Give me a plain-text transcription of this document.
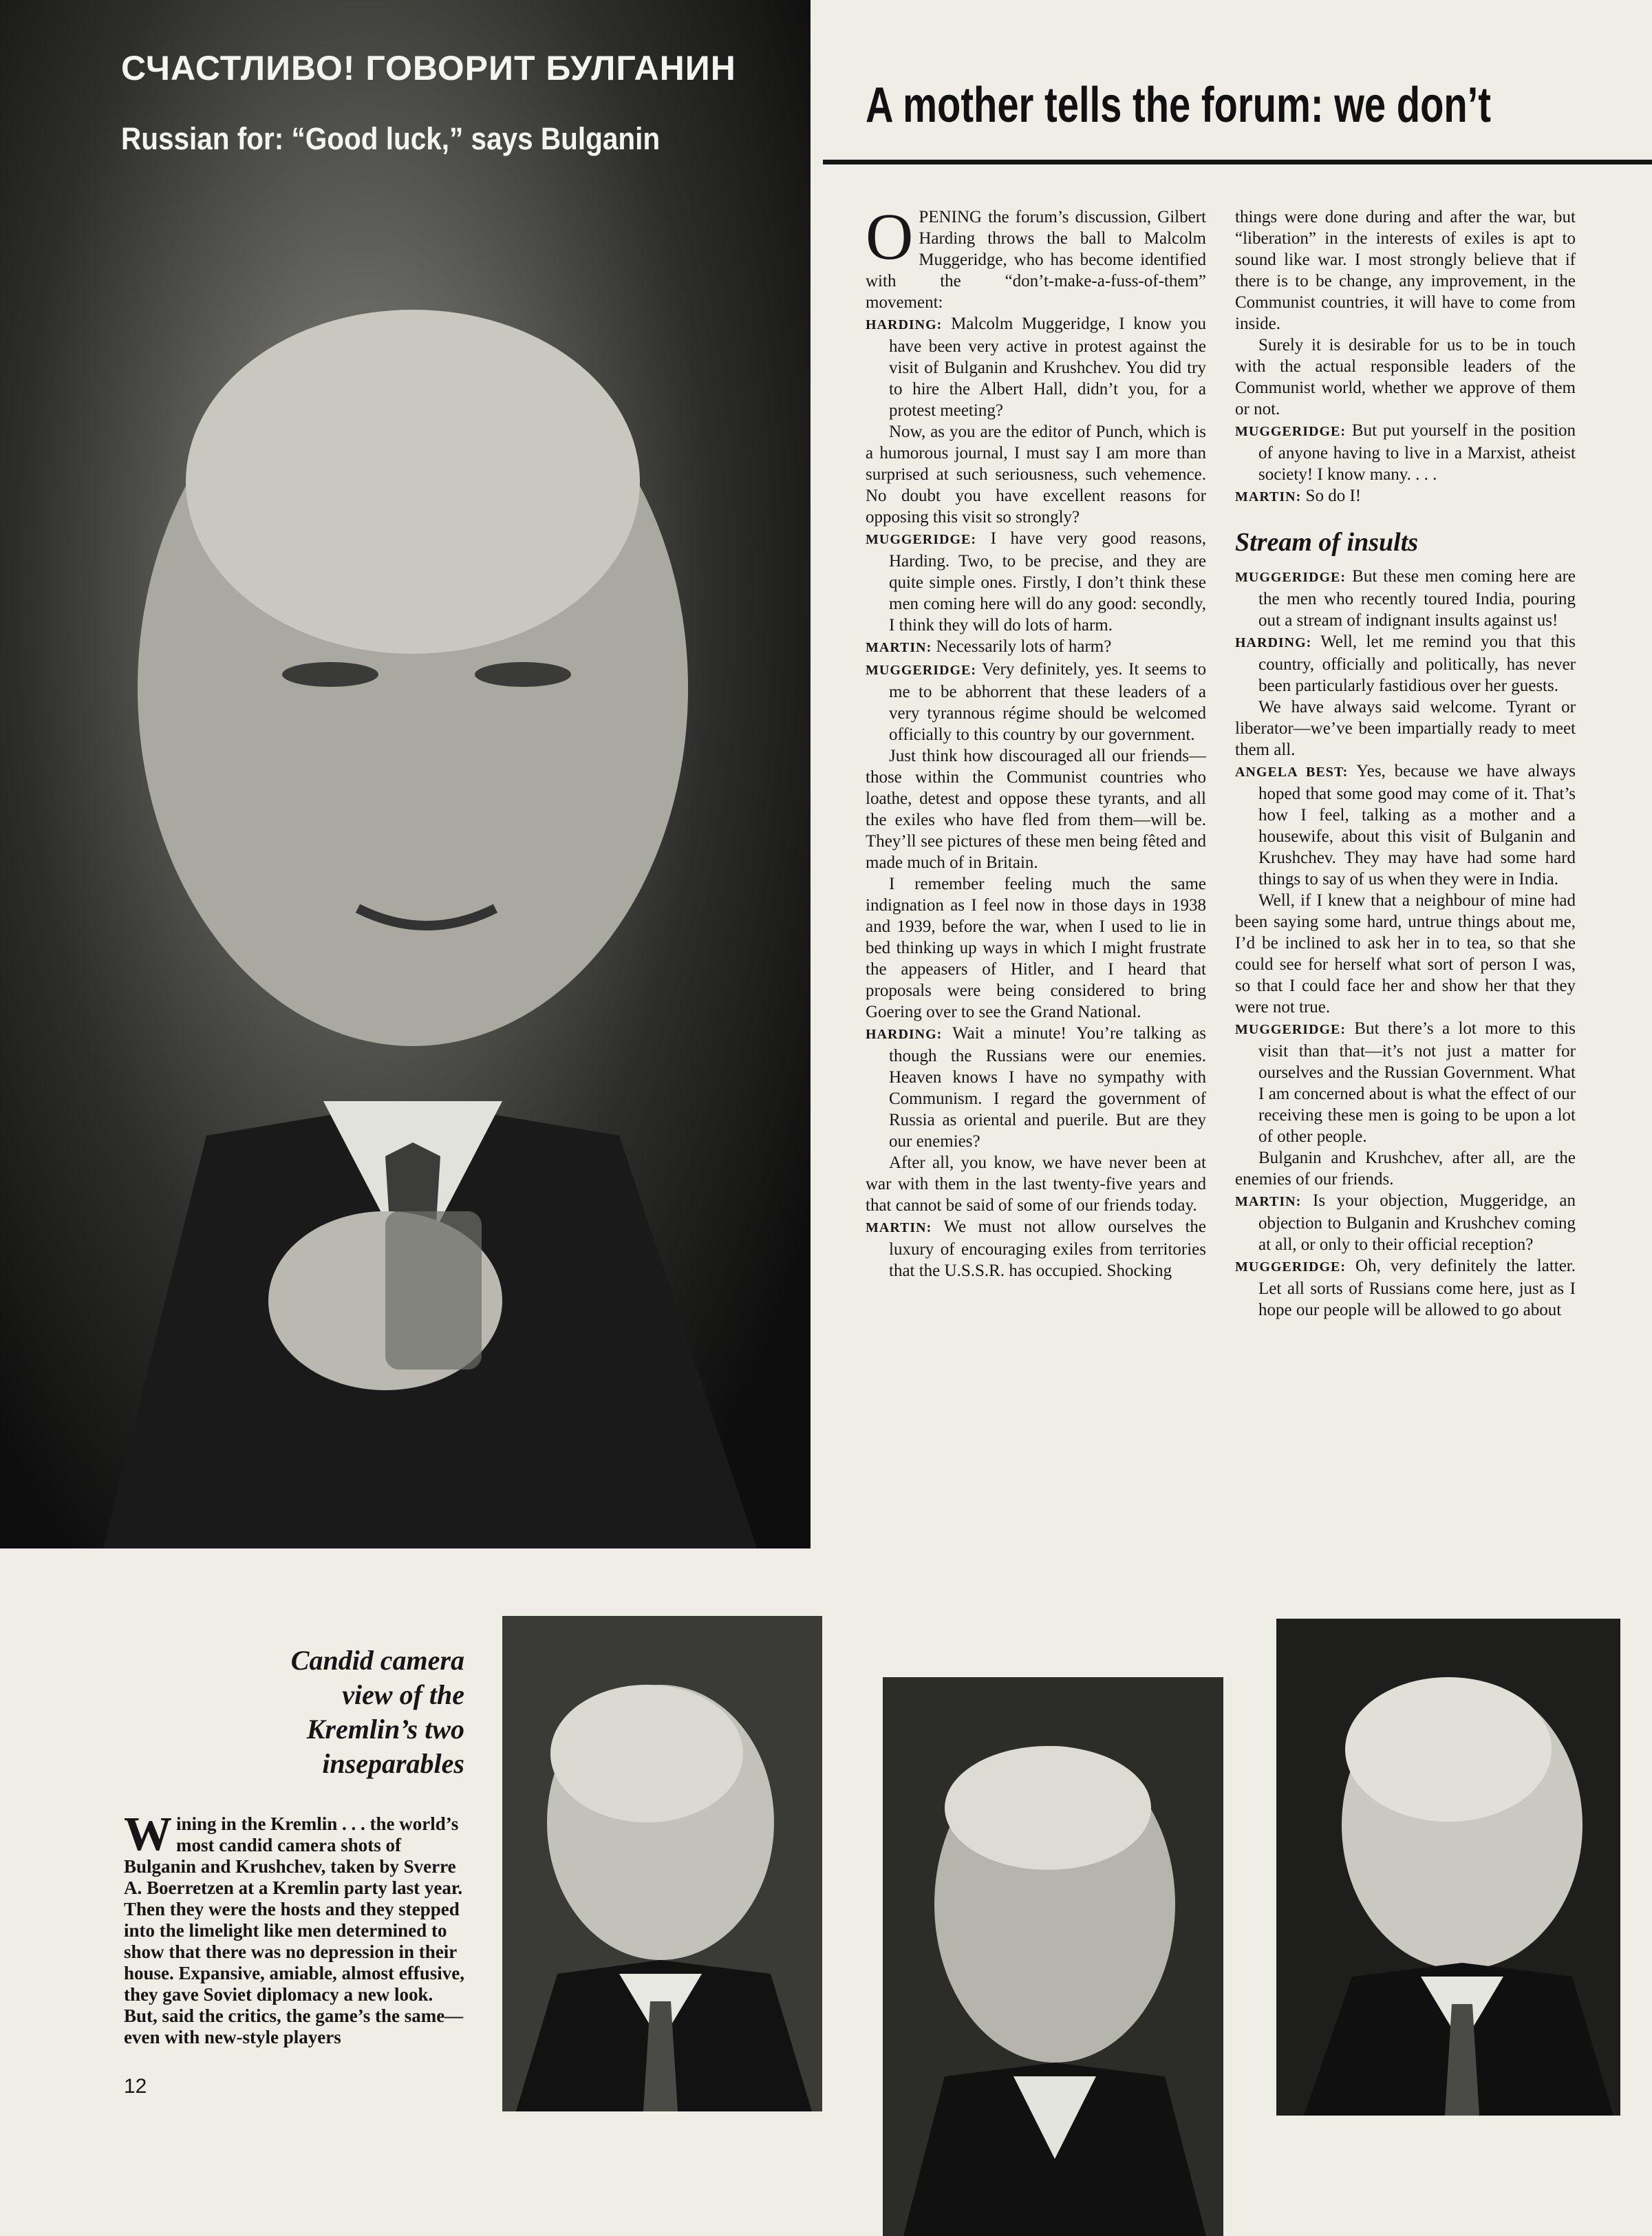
СЧАСТЛИВО! ГОВОРИТ БУЛГАНИН
Russian for: “Good luck,” says Bulganin
A mother tells the forum: we don’t

OPENING the forum’s discussion, Gilbert Harding throws the ball to Malcolm Muggeridge, who has become identified with the “don’t-make-a-fuss-of-them” movement:

HARDING: Malcolm Muggeridge, I know you have been very active in protest against the visit of Bulganin and Krushchev. You did try to hire the Albert Hall, didn’t you, for a protest meeting?

Now, as you are the editor of Punch, which is a humorous journal, I must say I am more than surprised at such seriousness, such vehemence. No doubt you have excellent reasons for opposing this visit so strongly?

MUGGERIDGE: I have very good reasons, Harding. Two, to be precise, and they are quite simple ones. Firstly, I don’t think these men coming here will do any good: secondly, I think they will do lots of harm.

MARTIN: Necessarily lots of harm?

MUGGERIDGE: Very definitely, yes. It seems to me to be abhorrent that these leaders of a very tyrannous régime should be welcomed officially to this country by our government.

Just think how discouraged all our friends—those within the Communist countries who loathe, detest and oppose these tyrants, and all the exiles who have fled from them—will be. They’ll see pictures of these men being fêted and made much of in Britain.

I remember feeling much the same indignation as I feel now in those days in 1938 and 1939, before the war, when I used to lie in bed thinking up ways in which I might frustrate the appeasers of Hitler, and I heard that proposals were being considered to bring Goering over to see the Grand National.

HARDING: Wait a minute! You’re talking as though the Russians were our enemies. Heaven knows I have no sympathy with Communism. I regard the government of Russia as oriental and puerile. But are they our enemies?

After all, you know, we have never been at war with them in the last twenty-five years and that cannot be said of some of our friends today.

MARTIN: We must not allow ourselves the luxury of encouraging exiles from territories that the U.S.S.R. has occupied. Shocking

things were done during and after the war, but “liberation” in the interests of exiles is apt to sound like war. I most strongly believe that if there is to be change, any improvement, in the Communist countries, it will have to come from inside.

Surely it is desirable for us to be in touch with the actual responsible leaders of the Communist world, whether we approve of them or not.

MUGGERIDGE: But put yourself in the position of anyone having to live in a Marxist, atheist society! I know many. . . .

MARTIN: So do I!

Stream of insults

MUGGERIDGE: But these men coming here are the men who recently toured India, pouring out a stream of indignant insults against us!

HARDING: Well, let me remind you that this country, officially and politically, has never been particularly fastidious over her guests.

We have always said welcome. Tyrant or liberator—we’ve been impartially ready to meet them all.

ANGELA BEST: Yes, because we have always hoped that some good may come of it. That’s how I feel, talking as a mother and a housewife, about this visit of Bulganin and Krushchev. They may have had some hard things to say of us when they were in India.

Well, if I knew that a neighbour of mine had been saying some hard, untrue things about me, I’d be inclined to ask her in to tea, so that she could see for herself what sort of person I was, so that I could face her and show her that they were not true.

MUGGERIDGE: But there’s a lot more to this visit than that—it’s not just a matter for ourselves and the Russian Government. What I am concerned about is what the effect of our receiving these men is going to be upon a lot of other people.

Bulganin and Krushchev, after all, are the enemies of our friends.

MARTIN: Is your objection, Muggeridge, an objection to Bulganin and Krushchev coming at all, or only to their official reception?

MUGGERIDGE: Oh, very definitely the latter. Let all sorts of Russians come here, just as I hope our people will be allowed to go about

Candid camera
view of the
Kremlin’s two
inseparables
Wining in the Kremlin . . . the world’s most candid camera shots of Bulganin and Krushchev, taken by Sverre A. Boerretzen at a Kremlin party last year. Then they were the hosts and they stepped into the limelight like men determined to show that there was no depression in their house. Expansive, amiable, almost effusive, they gave Soviet diplomacy a new look. But, said the critics, the game’s the same—even with new-style players
12
